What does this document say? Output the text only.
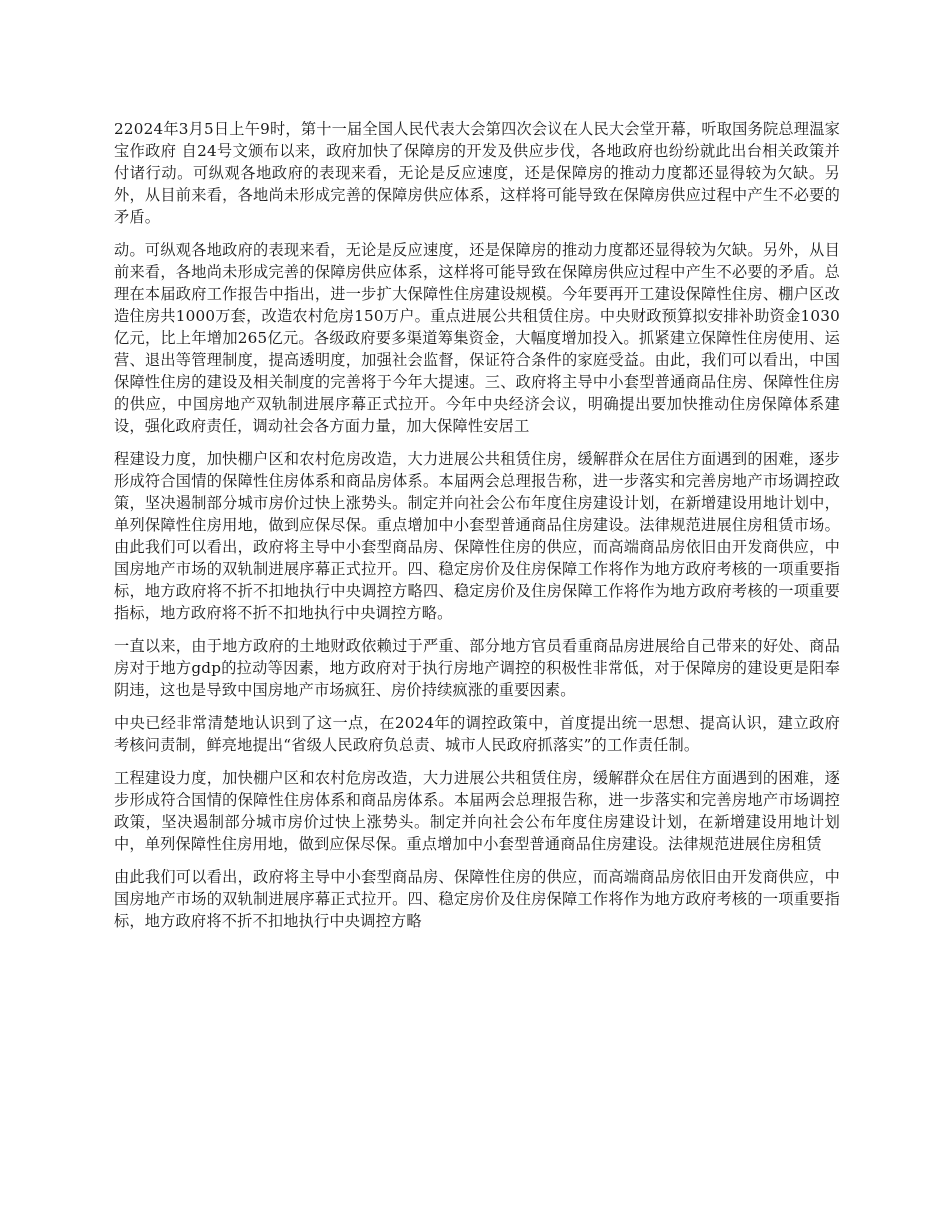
22024年3月5日上午9时，第十一届全国人民代表大会第四次会议在人民大会堂开幕，听取国务院总理温家宝作政府 自24号文颁布以来，政府加快了保障房的开发及供应步伐，各地政府也纷纷就此出台相关政策并付诸行动。可纵观各地政府的表现来看，无论是反应速度，还是保障房的推动力度都还显得较为欠缺。另外，从目前来看，各地尚未形成完善的保障房供应体系，这样将可能导致在保障房供应过程中产生不必要的矛盾。

动。可纵观各地政府的表现来看，无论是反应速度，还是保障房的推动力度都还显得较为欠缺。另外，从目前来看，各地尚未形成完善的保障房供应体系，这样将可能导致在保障房供应过程中产生不必要的矛盾。总理在本届政府工作报告中指出，进一步扩大保障性住房建设规模。今年要再开工建设保障性住房、棚户区改造住房共1000万套，改造农村危房150万户。重点进展公共租赁住房。中央财政预算拟安排补助资金1030亿元，比上年增加265亿元。各级政府要多渠道筹集资金，大幅度增加投入。抓紧建立保障性住房使用、运营、退出等管理制度，提高透明度，加强社会监督，保证符合条件的家庭受益。由此，我们可以看出，中国保障性住房的建设及相关制度的完善将于今年大提速。三、政府将主导中小套型普通商品住房、保障性住房的供应，中国房地产双轨制进展序幕正式拉开。今年中央经济会议，明确提出要加快推动住房保障体系建设，强化政府责任，调动社会各方面力量，加大保障性安居工

程建设力度，加快棚户区和农村危房改造，大力进展公共租赁住房，缓解群众在居住方面遇到的困难，逐步形成符合国情的保障性住房体系和商品房体系。本届两会总理报告称，进一步落实和完善房地产市场调控政策，坚决遏制部分城市房价过快上涨势头。制定并向社会公布年度住房建设计划，在新增建设用地计划中，单列保障性住房用地，做到应保尽保。重点增加中小套型普通商品住房建设。法律规范进展住房租赁市场。由此我们可以看出，政府将主导中小套型商品房、保障性住房的供应，而高端商品房依旧由开发商供应，中国房地产市场的双轨制进展序幕正式拉开。四、稳定房价及住房保障工作将作为地方政府考核的一项重要指标，地方政府将不折不扣地执行中央调控方略四、稳定房价及住房保障工作将作为地方政府考核的一项重要指标，地方政府将不折不扣地执行中央调控方略。

一直以来，由于地方政府的土地财政依赖过于严重、部分地方官员看重商品房进展给自己带来的好处、商品房对于地方gdp的拉动等因素，地方政府对于执行房地产调控的积极性非常低，对于保障房的建设更是阳奉阴违，这也是导致中国房地产市场疯狂、房价持续疯涨的重要因素。

中央已经非常清楚地认识到了这一点，在2024年的调控政策中，首度提出统一思想、提高认识，建立政府考核问责制，鲜亮地提出“省级人民政府负总责、城市人民政府抓落实”的工作责任制。

工程建设力度，加快棚户区和农村危房改造，大力进展公共租赁住房，缓解群众在居住方面遇到的困难，逐步形成符合国情的保障性住房体系和商品房体系。本届两会总理报告称，进一步落实和完善房地产市场调控政策，坚决遏制部分城市房价过快上涨势头。制定并向社会公布年度住房建设计划，在新增建设用地计划中，单列保障性住房用地，做到应保尽保。重点增加中小套型普通商品住房建设。法律规范进展住房租赁

由此我们可以看出，政府将主导中小套型商品房、保障性住房的供应，而高端商品房依旧由开发商供应，中国房地产市场的双轨制进展序幕正式拉开。四、稳定房价及住房保障工作将作为地方政府考核的一项重要指标，地方政府将不折不扣地执行中央调控方略
